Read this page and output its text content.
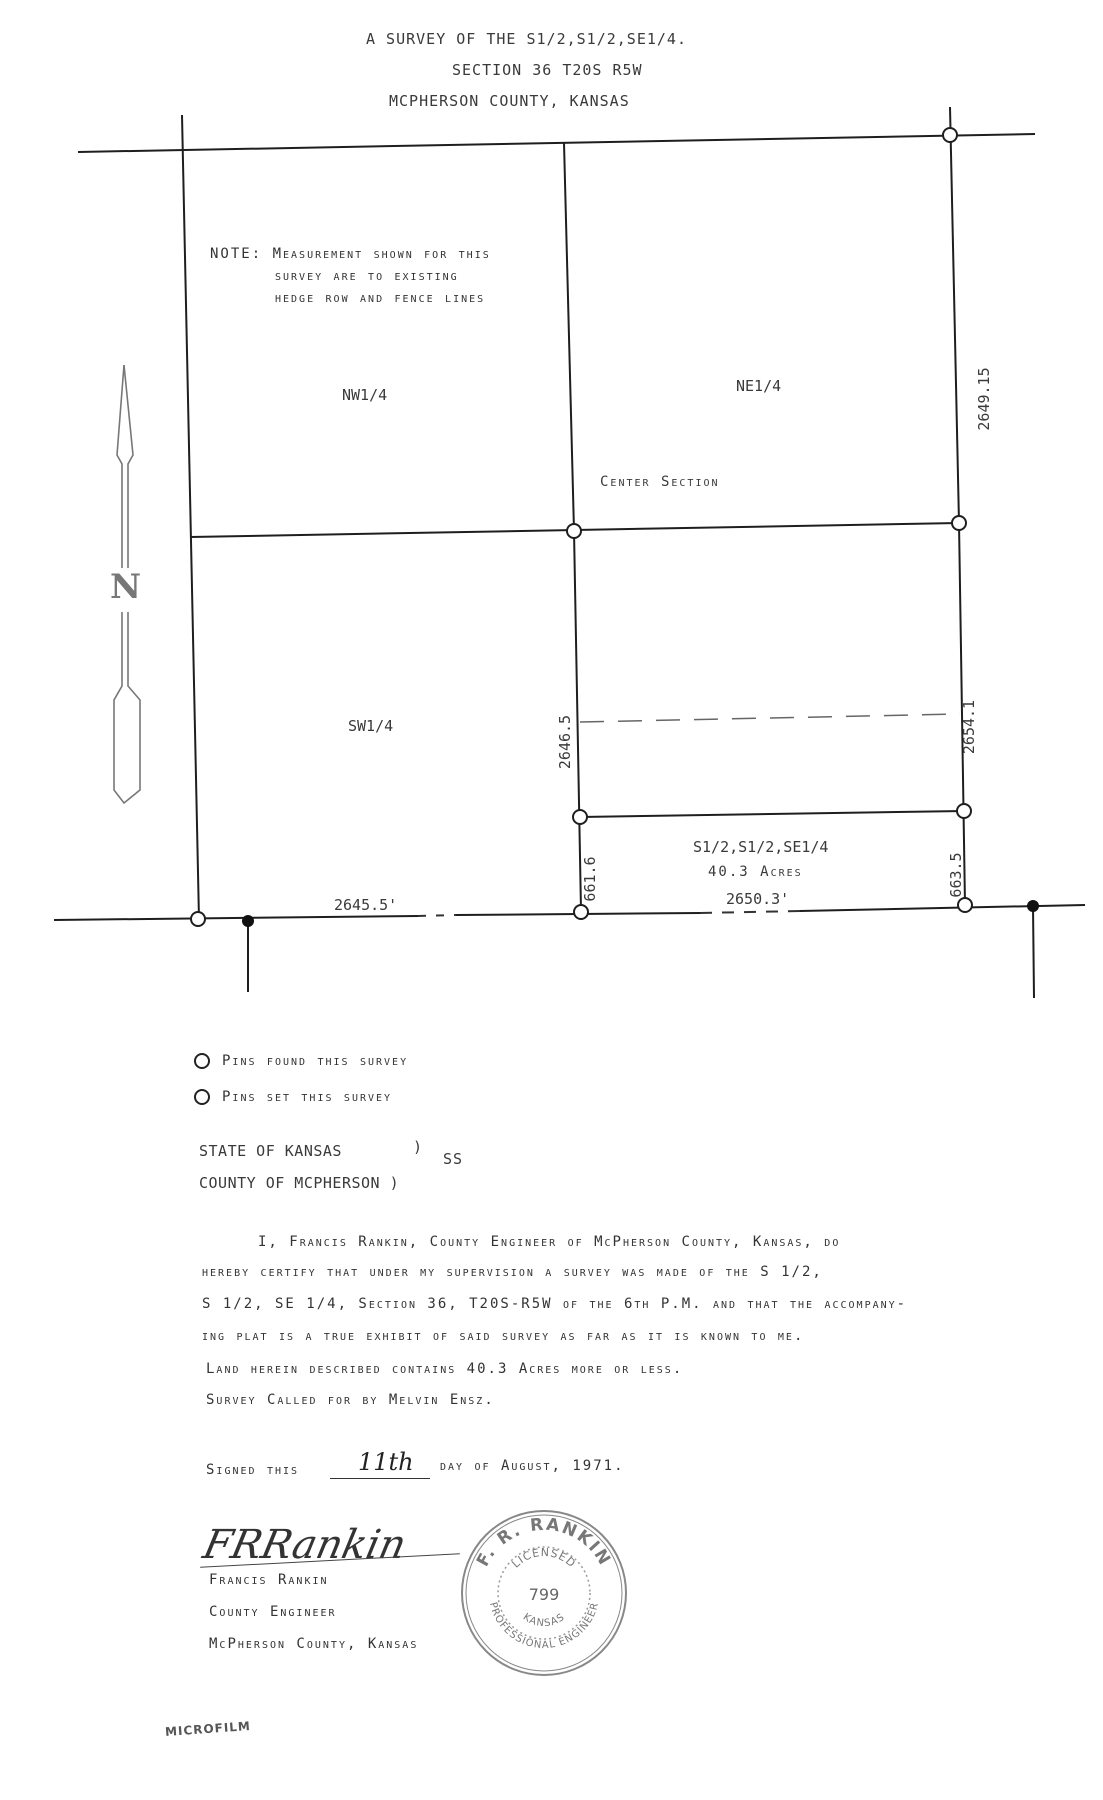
A SURVEY OF THE S1/2,S1/2,SE1/4.
SECTION 36 T20S R5W
MCPHERSON COUNTY, KANSAS
NOTE: Measurement shown for this
survey are to existing
hedge row and fence lines
NW1/4	NE1/4
SW1/4
Center Section
N
S1/2,S1/2,SE1/4
40.3 Acres
2649.15
2646.5	2654.1
661.6	663.5
2645.5'	2650.3'
Pins found this survey
Pins set this survey
STATE OF KANSAS	)
SS
COUNTY OF MCPHERSON )
I, Francis Rankin, County Engineer of McPherson County, Kansas, do
hereby certify that under my supervision a survey was made of the S 1/2,
S 1/2, SE 1/4, Section 36, T20S-R5W of the 6th P.M. and that the accompany-
ing plat is a true exhibit of said survey as far as it is known to me.
Land herein described contains 40.3 Acres more or less.
Survey Called for by Melvin Ensz.
Signed this 11th day of August, 1971.
FRRankin
Francis Rankin
County Engineer
McPherson County, Kansas
F. R. RANKIN
PROFESSIONAL ENGINEER
LICENSED
KANSAS
799
MICROFILM
